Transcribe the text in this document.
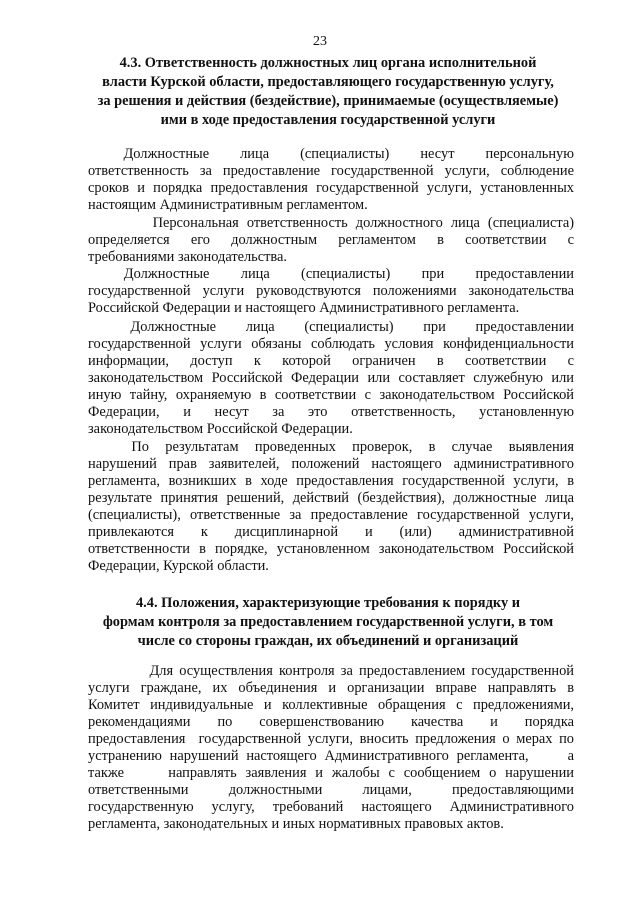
23
4.3. Ответственность должностных лиц органа исполнительной
власти Курской области, предоставляющего государственную услугу,
за решения и действия (бездействие), принимаемые (осуществляемые)
ими в ходе предоставления государственной услуги
Должностные       лица       (специалисты)       несут       персональную
ответственность за предоставление государственной услуги, соблюдение
сроков и порядка предоставления государственной услуги, установленных
настоящим Административным регламентом.
Персональная ответственность должностного лица (специалиста)
определяется     его     должностным     регламентом     в     соответствии     с
требованиями законодательства.
Должностные       лица       (специалисты)       при       предоставлении
государственной услуги руководствуются положениями законодательства
Российской Федерации и настоящего Административного регламента.
Должностные       лица       (специалисты)       при       предоставлении
государственной услуги обязаны соблюдать условия конфиденциальности
информации,     доступ     к     которой     ограничен     в     соответствии     с
законодательством Российской Федерации или составляет служебную или
иную тайну, охраняемую в соответствии с законодательством Российской
Федерации,     и     несут     за     это     ответственность,     установленную
законодательством Российской Федерации.
По   результатам   проведенных   проверок,   в   случае   выявления
нарушений прав заявителей, положений настоящего административного
регламента, возникших в ходе предоставления государственной услуги, в
результате принятия решений, действий (бездействия), должностные лица
(специалисты), ответственные за предоставление государственной услуги,
привлекаются     к     дисциплинарной     и     (или)     административной
ответственности в порядке, установленном законодательством Российской
Федерации, Курской области.
4.4. Положения, характеризующие требования к порядку и
формам контроля за предоставлением государственной услуги, в том
числе со стороны граждан, их объединений и организаций
Для осуществления контроля за предоставлением государственной
услуги граждане, их объединения и организации вправе направлять в
Комитет индивидуальные и коллективные обращения с предложениями,
рекомендациями     по     совершенствованию     качества     и     порядка
предоставления  государственной услуги, вносить предложения о мерах по
устранению нарушений настоящего Административного регламента,     а
также     направлять заявления и жалобы с сообщением о нарушении
ответственными     должностными     лицами,     предоставляющими
государственную услугу, требований настоящего Административного
регламента, законодательных и иных нормативных правовых актов.
